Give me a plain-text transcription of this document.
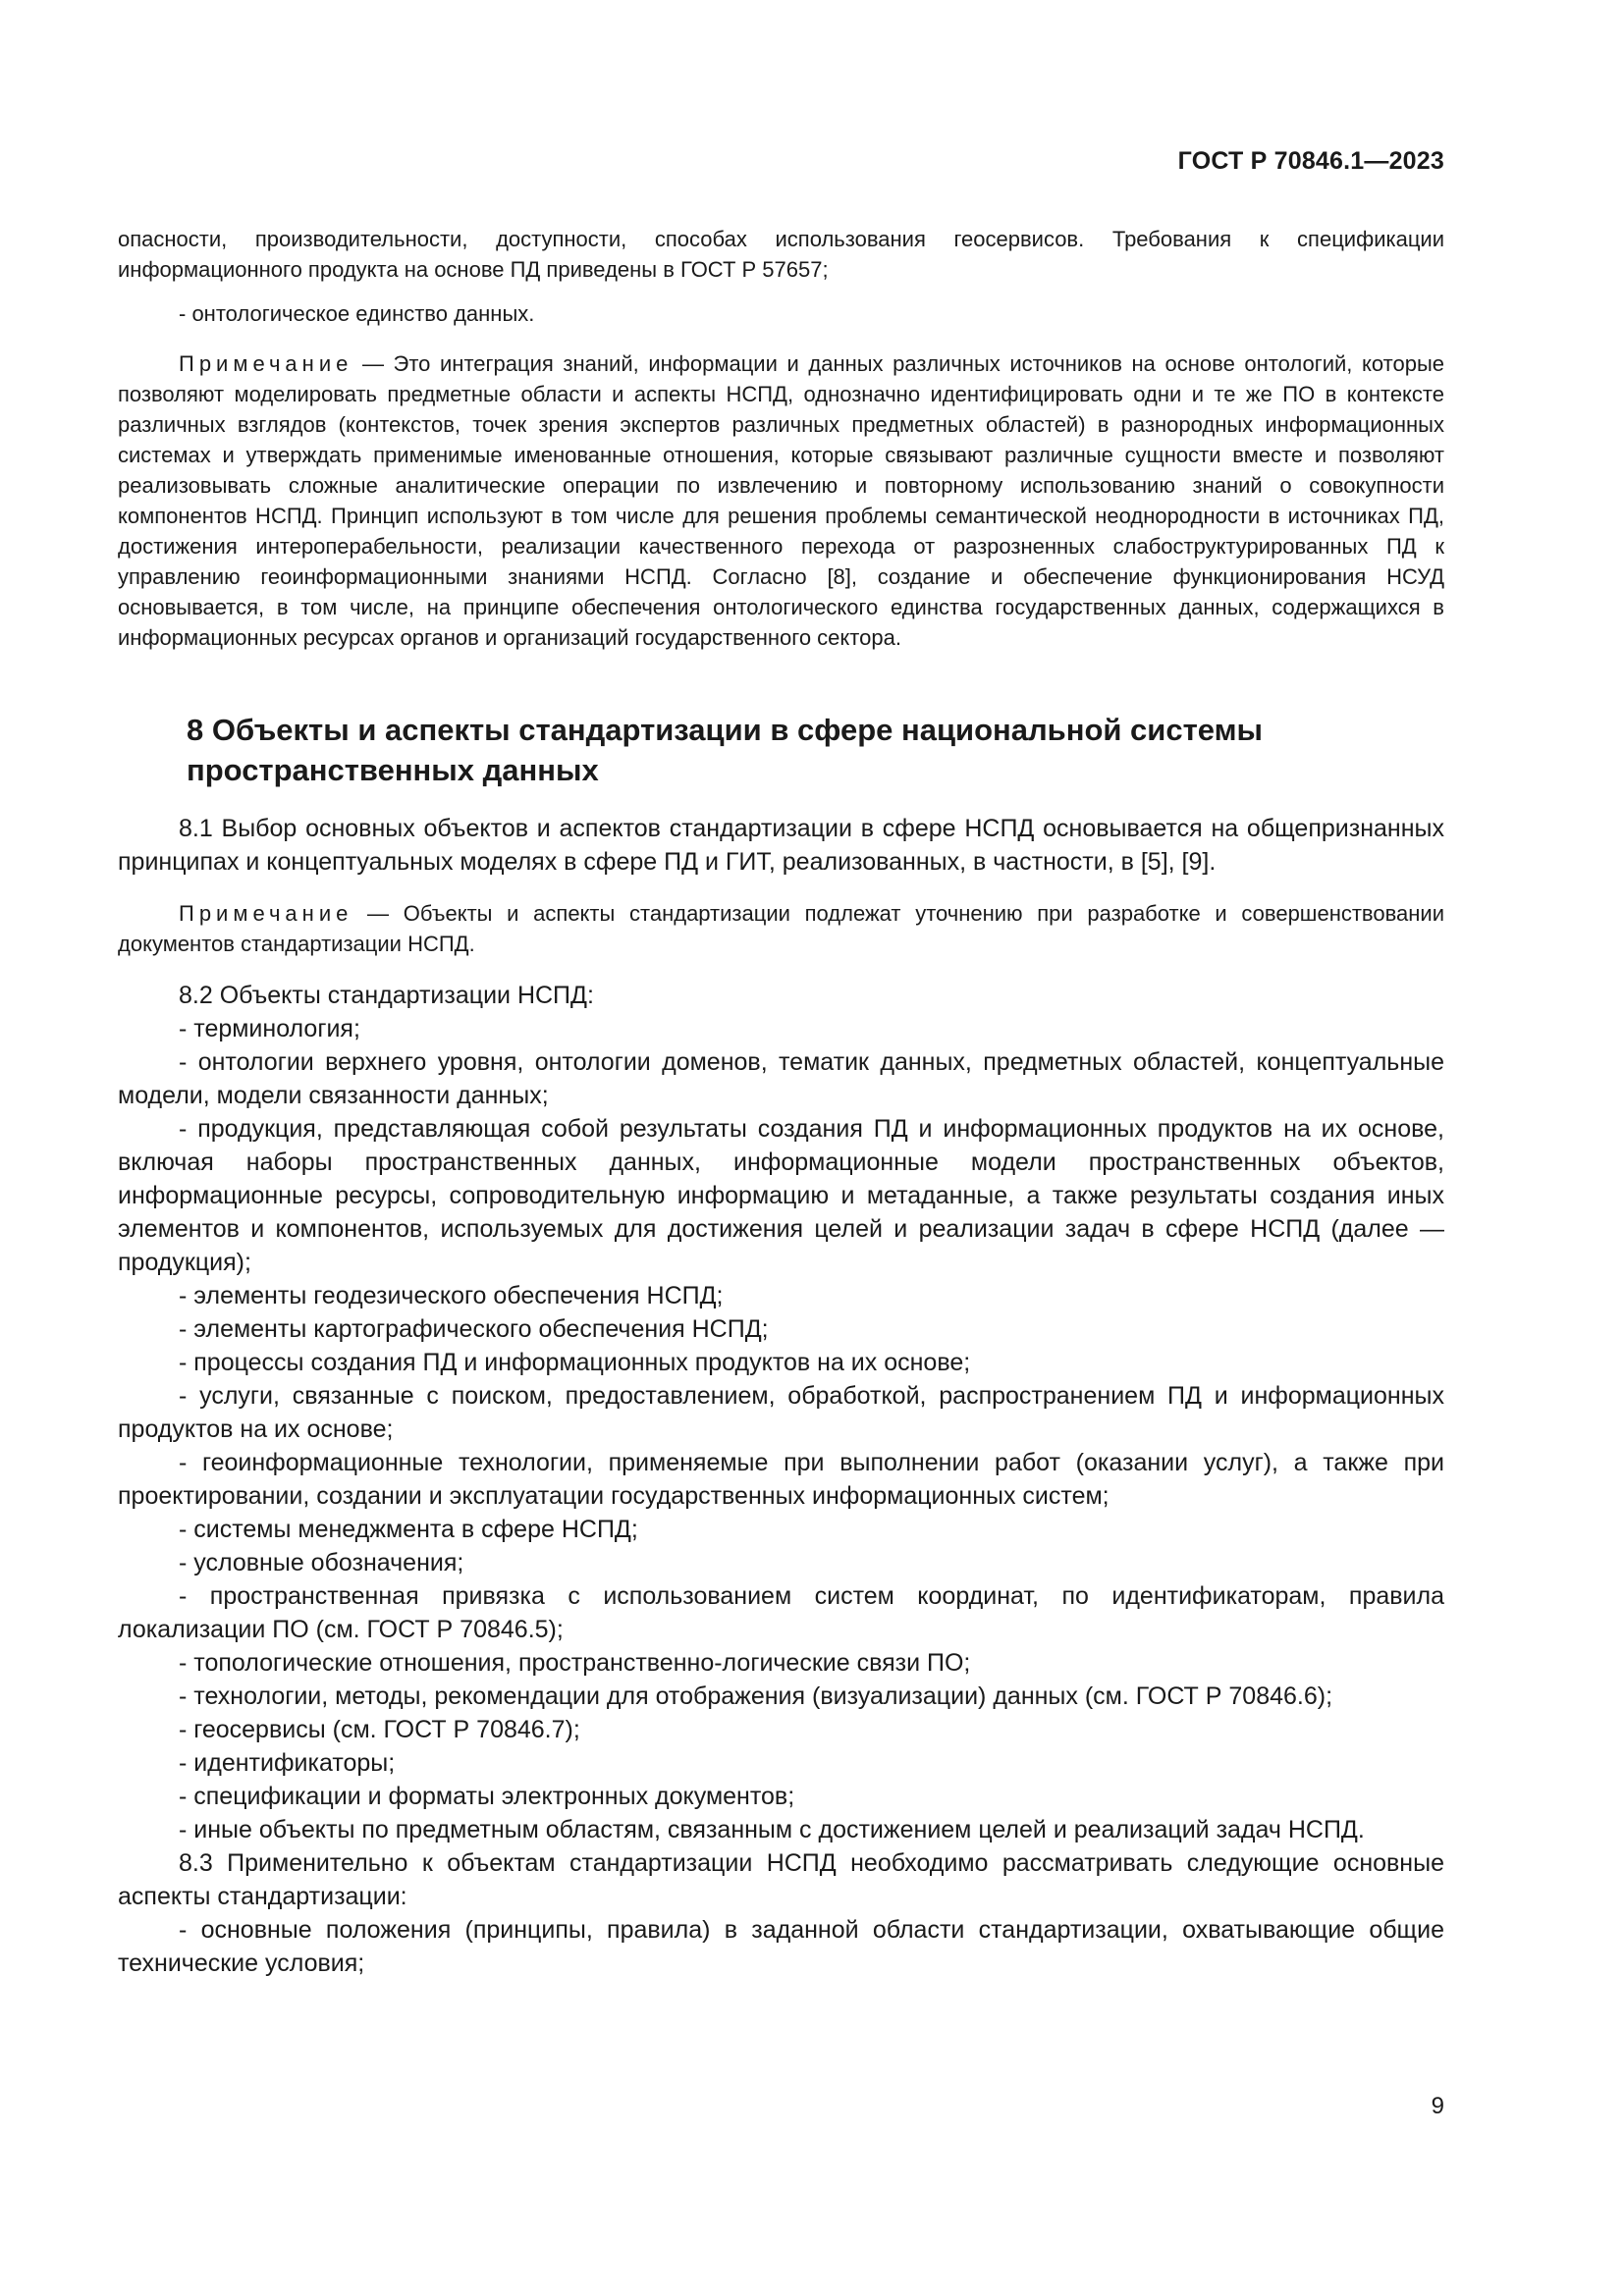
ГОСТ Р 70846.1—2023

опасности, производительности, доступности, способах использования геосервисов. Требования к спецификации информационного продукта на основе ПД приведены в ГОСТ Р 57657;

- онтологическое единство данных.

Примечание — Это интеграция знаний, информации и данных различных источников на основе онтологий, которые позволяют моделировать предметные области и аспекты НСПД, однозначно идентифицировать одни и те же ПО в контексте различных взглядов (контекстов, точек зрения экспертов различных предметных областей) в разнородных информационных системах и утверждать применимые именованные отношения, которые связывают различные сущности вместе и позволяют реализовывать сложные аналитические операции по извлечению и повторному использованию знаний о совокупности компонентов НСПД. Принцип используют в том числе для решения проблемы семантической неоднородности в источниках ПД, достижения интероперабельности, реализации качественного перехода от разрозненных слабоструктурированных ПД к управлению геоинформационными знаниями НСПД. Согласно [8], создание и обеспечение функционирования НСУД основывается, в том числе, на принципе обеспечения онтологического единства государственных данных, содержащихся в информационных ресурсах органов и организаций государственного сектора.

8 Объекты и аспекты стандартизации в сфере национальной системы
пространственных данных

8.1 Выбор основных объектов и аспектов стандартизации в сфере НСПД основывается на общепризнанных принципах и концептуальных моделях в сфере ПД и ГИТ, реализованных, в частности, в [5], [9].

Примечание — Объекты и аспекты стандартизации подлежат уточнению при разработке и совершенствовании документов стандартизации НСПД.

8.2 Объекты стандартизации НСПД:

- терминология;

- онтологии верхнего уровня, онтологии доменов, тематик данных, предметных областей, концептуальные модели, модели связанности данных;

- продукция, представляющая собой результаты создания ПД и информационных продуктов на их основе, включая наборы пространственных данных, информационные модели пространственных объектов, информационные ресурсы, сопроводительную информацию и метаданные, а также результаты создания иных элементов и компонентов, используемых для достижения целей и реализации задач в сфере НСПД (далее — продукция);

- элементы геодезического обеспечения НСПД;

- элементы картографического обеспечения НСПД;

- процессы создания ПД и информационных продуктов на их основе;

- услуги, связанные с поиском, предоставлением, обработкой, распространением ПД и информационных продуктов на их основе;

- геоинформационные технологии, применяемые при выполнении работ (оказании услуг), а также при проектировании, создании и эксплуатации государственных информационных систем;

- системы менеджмента в сфере НСПД;

- условные обозначения;

- пространственная привязка с использованием систем координат, по идентификаторам, правила локализации ПО (см. ГОСТ Р 70846.5);

- топологические отношения, пространственно-логические связи ПО;

- технологии, методы, рекомендации для отображения (визуализации) данных (см. ГОСТ Р 70846.6);

- геосервисы (см. ГОСТ Р 70846.7);

- идентификаторы;

- спецификации и форматы электронных документов;

- иные объекты по предметным областям, связанным с достижением целей и реализаций задач НСПД.

8.3 Применительно к объектам стандартизации НСПД необходимо рассматривать следующие основные аспекты стандартизации:

- основные положения (принципы, правила) в заданной области стандартизации, охватывающие общие технические условия;

9
